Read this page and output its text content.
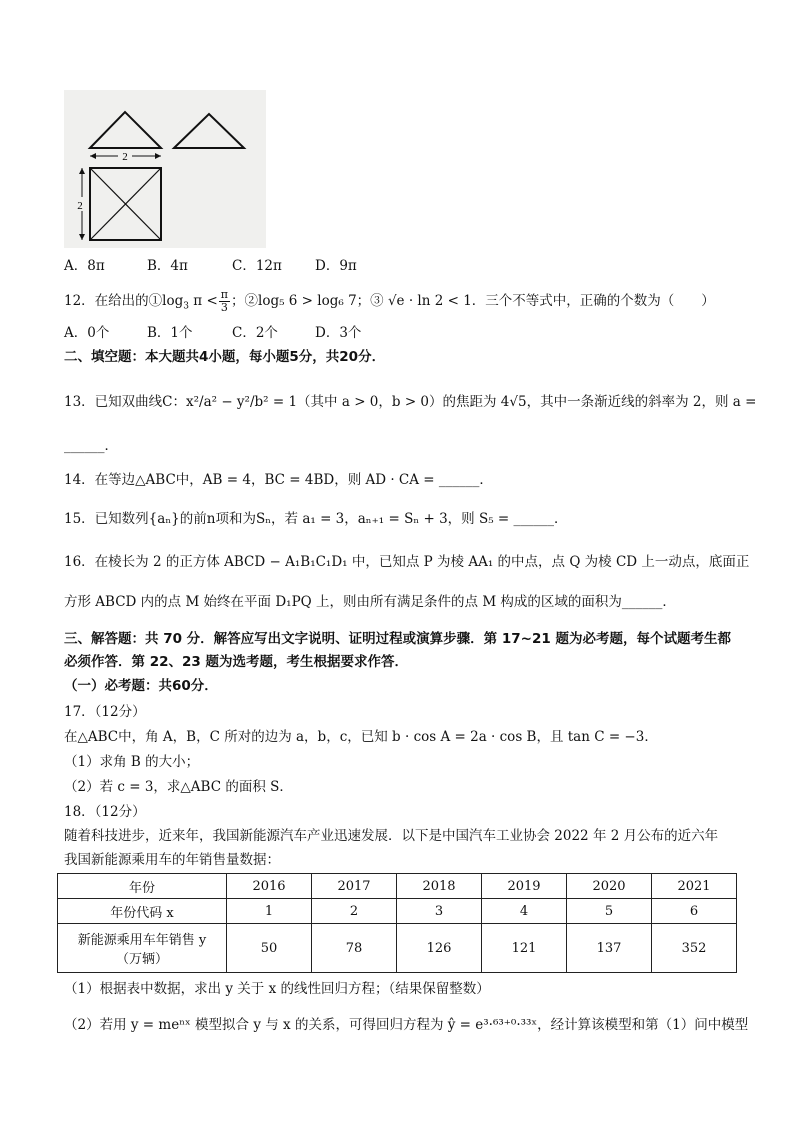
2
2
A．8π	B．4π	C．12π D．9π
12．在给出的$①\log_3$ $\pi < \frac{\pi}{3}$ ；②log₅ 6 > log₆ 7；③ √e · ln 2 < 1．三个不等式中，正确的个数为（　　）
A．0个	B．1个	C．2个	D．3个
二、填空题：本大题共4小题，每小题5分，共20分．
13．已知双曲线C：x²/a² − y²/b² = 1（其中 a > 0，b > 0）的焦距为 4√5，其中一条渐近线的斜率为 2，则 a =
______．
14．在等边△ABC中，AB = 4，BC = 4BD，则 AD · CA = ______．
15．已知数列{aₙ}的前n项和为Sₙ，若 a₁ = 3，aₙ₊₁ = Sₙ + 3，则 S₅ = ______．
16．在棱长为 2 的正方体 ABCD − A₁B₁C₁D₁ 中，已知点 P 为棱 AA₁ 的中点，点 Q 为棱 CD 上一动点，底面正
方形 ABCD 内的点 M 始终在平面 D₁PQ 上，则由所有满足条件的点 M 构成的区域的面积为______．
三、解答题：共 70 分．解答应写出文字说明、证明过程或演算步骤．第 17~21 题为必考题，每个试题考生都
必须作答．第 22、23 题为选考题，考生根据要求作答．
（一）必考题：共60分．
17．（12分）
在△ABC中，角 A，B，C 所对的边为 a，b，c，已知 b · cos A = 2a · cos B，且 tan C = −3．
（1）求角 B 的大小；
（2）若 c = 3，求△ABC 的面积 S．
18．（12分）
随着科技进步，近来年，我国新能源汽车产业迅速发展．以下是中国汽车工业协会 2022 年 2 月公布的近六年
我国新能源乘用车的年销售量数据：
年份	2016	2017	2018	2019	2020	2021
年份代码 x	1	2	3	4	5	6

新能源乘用车年销售 y
（万辆）	50	78	126	121	137	352
（1）根据表中数据，求出 y 关于 x 的线性回归方程；（结果保留整数）
（2）若用 y = meⁿˣ 模型拟合 y 与 x 的关系，可得回归方程为 ŷ = e³·⁶³⁺⁰·³³ˣ，经计算该模型和第（1）问中模型
